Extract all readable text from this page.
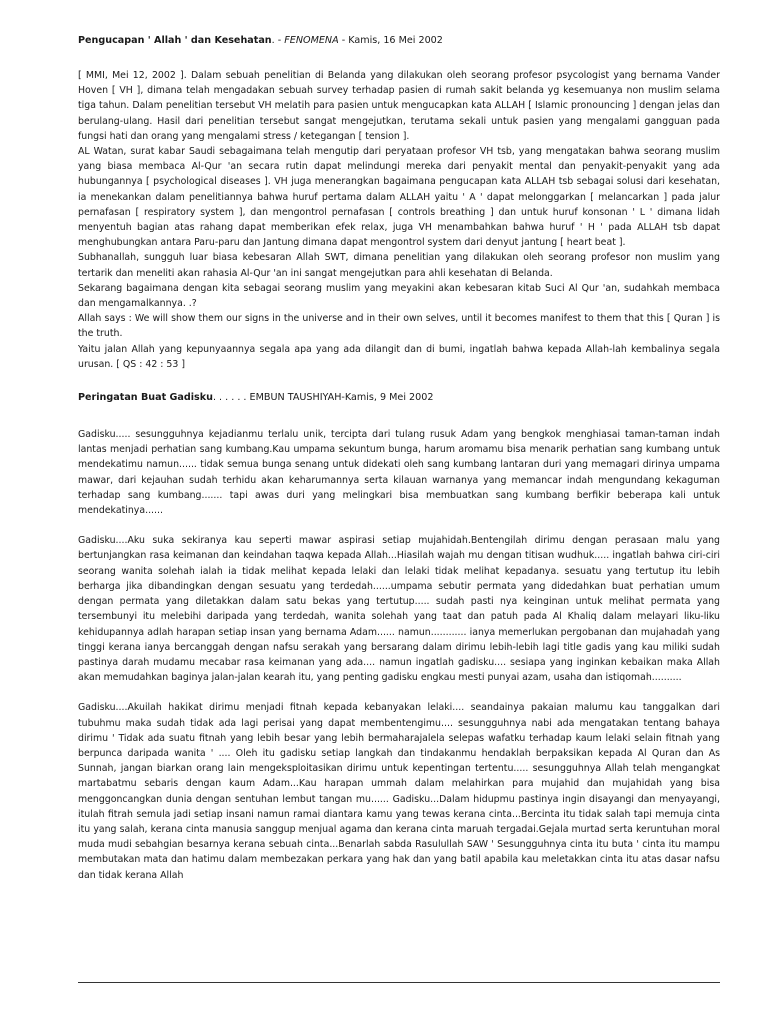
Pengucapan ' Allah ' dan Kesehatan. - FENOMENA - Kamis, 16 Mei 2002

[ MMI, Mei 12, 2002 ]. Dalam sebuah penelitian di Belanda yang dilakukan oleh seorang profesor psycologist yang bernama Vander Hoven [ VH ], dimana telah mengadakan sebuah survey terhadap pasien di rumah sakit belanda yg kesemuanya non muslim selama tiga tahun. Dalam penelitian tersebut VH melatih para pasien untuk mengucapkan kata ALLAH [ Islamic pronouncing ] dengan jelas dan berulang-ulang. Hasil dari penelitian tersebut sangat mengejutkan, terutama sekali untuk pasien yang mengalami gangguan pada fungsi hati dan orang yang mengalami stress / ketegangan [ tension ].

AL Watan, surat kabar Saudi sebagaimana telah mengutip dari peryataan profesor VH tsb, yang mengatakan bahwa seorang muslim yang biasa membaca Al-Qur 'an secara rutin dapat melindungi mereka dari penyakit mental dan penyakit-penyakit yang ada hubungannya [ psychological diseases ]. VH juga menerangkan bagaimana pengucapan kata ALLAH tsb sebagai solusi dari kesehatan, ia menekankan dalam penelitiannya bahwa huruf pertama dalam ALLAH yaitu ' A ' dapat melonggarkan [ melancarkan ] pada jalur pernafasan [ respiratory system ], dan mengontrol pernafasan [ controls breathing ] dan untuk huruf konsonan ' L ' dimana lidah menyentuh bagian atas rahang dapat memberikan efek relax, juga VH menambahkan bahwa huruf ' H ' pada ALLAH tsb dapat menghubungkan antara Paru-paru dan Jantung dimana dapat mengontrol system dari denyut jantung [ heart beat ].

Subhanallah, sungguh luar biasa kebesaran Allah SWT, dimana penelitian yang dilakukan oleh seorang profesor non muslim yang tertarik dan meneliti akan rahasia Al-Qur 'an ini sangat mengejutkan para ahli kesehatan di Belanda.

Sekarang bagaimana dengan kita sebagai seorang muslim yang meyakini akan kebesaran kitab Suci Al Qur 'an, sudahkah membaca dan mengamalkannya. .?

Allah says : We will show them our signs in the universe and in their own selves, until it becomes manifest to them that this [ Quran ] is the truth.

Yaitu jalan Allah yang kepunyaannya segala apa yang ada dilangit dan di bumi, ingatlah bahwa kepada Allah-lah kembalinya segala urusan. [ QS : 42 : 53 ]

Peringatan Buat Gadisku. . . . . . EMBUN TAUSHIYAH-Kamis, 9 Mei 2002

Gadisku..... sesungguhnya kejadianmu terlalu unik, tercipta dari tulang rusuk Adam yang bengkok menghiasai taman-taman indah lantas menjadi perhatian sang kumbang.Kau umpama sekuntum bunga, harum aromamu bisa menarik perhatian sang kumbang untuk mendekatimu namun...... tidak semua bunga senang untuk didekati oleh sang kumbang lantaran duri yang memagari dirinya umpama mawar, dari kejauhan sudah terhidu akan keharumannya serta kilauan warnanya yang memancar indah mengundang kekaguman terhadap sang kumbang....... tapi awas duri yang melingkari bisa membuatkan sang kumbang berfikir beberapa kali untuk mendekatinya......

Gadisku....Aku suka sekiranya kau seperti mawar aspirasi setiap mujahidah.Bentengilah dirimu dengan perasaan malu yang bertunjangkan rasa keimanan dan keindahan taqwa kepada Allah...Hiasilah wajah mu dengan titisan wudhuk..... ingatlah bahwa ciri-ciri seorang wanita solehah ialah ia tidak melihat kepada lelaki dan lelaki tidak melihat kepadanya. sesuatu yang tertutup itu lebih berharga jika dibandingkan dengan sesuatu yang terdedah......umpama sebutir permata yang didedahkan buat perhatian umum dengan permata yang diletakkan dalam satu bekas yang tertutup..... sudah pasti nya keinginan untuk melihat permata yang tersembunyi itu melebihi daripada yang terdedah, wanita solehah yang taat dan patuh pada Al Khaliq dalam melayari liku-liku kehidupannya adlah harapan setiap insan yang bernama Adam...... namun............ ianya memerlukan pergobanan dan mujahadah yang tinggi kerana ianya bercanggah dengan nafsu serakah yang bersarang dalam dirimu lebih-lebih lagi title gadis yang kau miliki sudah pastinya darah mudamu mecabar rasa keimanan yang ada.... namun ingatlah gadisku.... sesiapa yang inginkan kebaikan maka Allah akan memudahkan baginya jalan-jalan kearah itu, yang penting gadisku engkau mesti punyai azam, usaha dan istiqomah..........

Gadisku....Akuilah hakikat dirimu menjadi fitnah kepada kebanyakan lelaki.... seandainya pakaian malumu kau tanggalkan dari tubuhmu maka sudah tidak ada lagi perisai yang dapat membentengimu.... sesungguhnya nabi ada mengatakan tentang bahaya dirimu ' Tidak ada suatu fitnah yang lebih besar yang lebih bermaharajalela selepas wafatku terhadap kaum lelaki selain fitnah yang berpunca daripada wanita ' .... Oleh itu gadisku setiap langkah dan tindakanmu hendaklah berpaksikan kepada Al Quran dan As Sunnah, jangan biarkan orang lain mengeksploitasikan dirimu untuk kepentingan tertentu..... sesungguhnya Allah telah mengangkat martabatmu sebaris dengan kaum Adam...Kau harapan ummah dalam melahirkan para mujahid dan mujahidah yang bisa menggoncangkan dunia dengan sentuhan lembut tangan mu...... Gadisku...Dalam hidupmu pastinya ingin disayangi dan menyayangi, itulah fitrah semula jadi setiap insani namun ramai diantara kamu yang tewas kerana cinta...Bercinta itu tidak salah tapi memuja cinta itu yang salah, kerana cinta manusia sanggup menjual agama dan kerana cinta maruah tergadai.Gejala murtad serta keruntuhan moral muda mudi sebahgian besarnya kerana sebuah cinta...Benarlah sabda Rasulullah SAW ' Sesungguhnya cinta itu buta ' cinta itu mampu membutakan mata dan hatimu dalam membezakan perkara yang hak dan yang batil apabila kau meletakkan cinta itu atas dasar nafsu dan tidak kerana Allah
